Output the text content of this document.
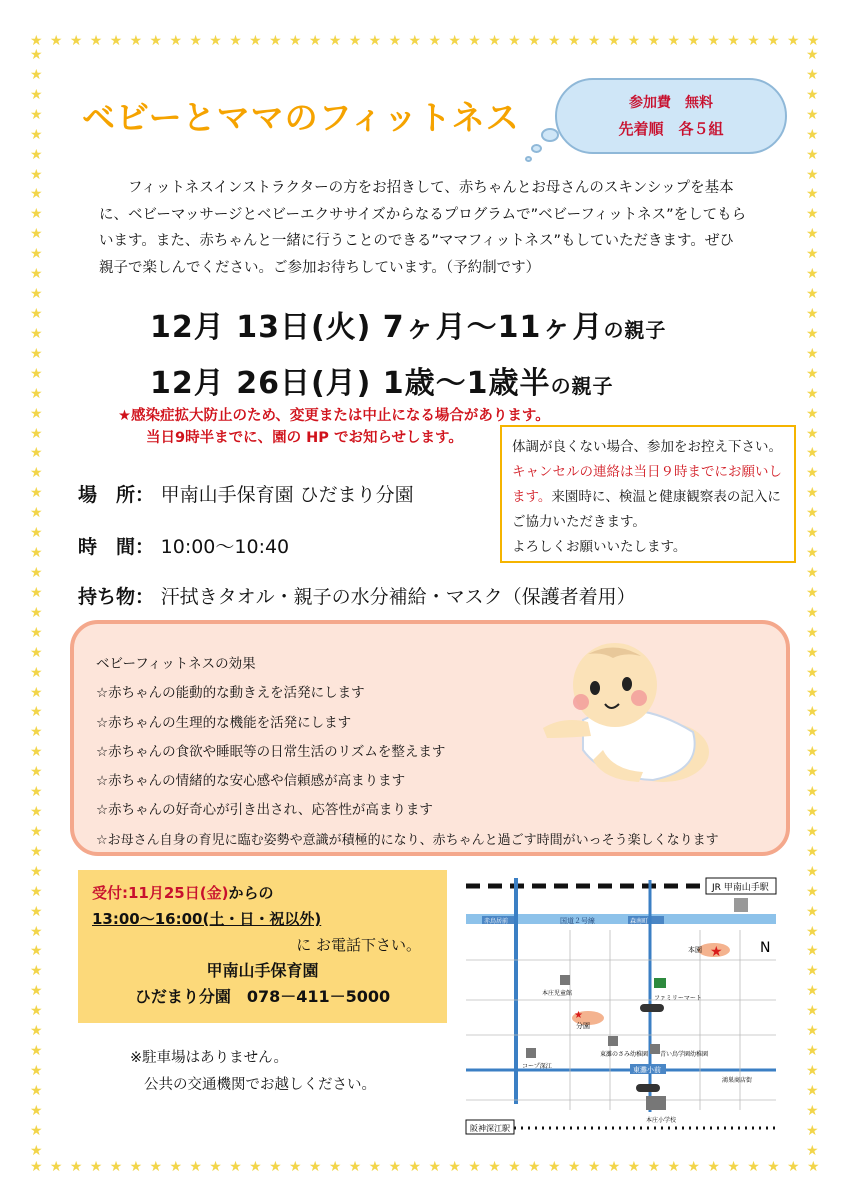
★ ★ ★ ★ ★ ★ ★ ★ ★ ★ ★ ★ ★ ★ ★ ★ ★ ★ ★ ★ ★ ★ ★ ★ ★ ★ ★ ★ ★ ★ ★ ★ ★ ★ ★ ★ ★ ★ ★ ★
★ ★ ★ ★ ★ ★ ★ ★ ★ ★ ★ ★ ★ ★ ★ ★ ★ ★ ★ ★ ★ ★ ★ ★ ★ ★ ★ ★ ★ ★ ★ ★ ★ ★ ★ ★ ★ ★ ★ ★
★
★
★
★
★
★
★
★
★
★
★
★
★
★
★
★
★
★
★
★
★
★
★
★
★
★
★
★
★
★
★
★
★
★
★
★
★
★
★
★
★
★
★
★
★
★
★
★
★
★
★
★
★
★
★
★
★
★
★
★
★
★
★
★
★
★
★
★
★
★
★
★
★
★
★
★
★
★
★
★
★
★
★
★
★
★
★
★
★
★
★
★
★
★
★
★
★
★
★
★
★
★
★
★
★
★
★
★
★
★
★
★
ベビーとママのフィットネス	参加費　無料
先着順　各５組

フィットネスインストラクターの方をお招きして、赤ちゃんとお母さんのスキンシップを基本に、ベビーマッサージとベビーエクササイズからなるプログラムで”ベビーフィットネス”をしてもらいます。また、赤ちゃんと一緒に行うことのできる”ママフィットネス”もしていただきます。ぜひ親子で楽しんでください。ご参加お待ちしています。（予約制です）

12月 13日(火) 7ヶ月～11ヶ月の親子
12月 26日(月) 1歳～1歳半の親子
★感染症拡大防止のため、変更または中止になる場合があります。
当日9時半までに、園の HP でお知らせします。
体調が良くない場合、参加をお控え下さい。キャンセルの連絡は当日９時までにお願いします。来園時に、検温と健康観察表の記入にご協力いただきます。
よろしくお願いいたします。
場　所： 甲南山手保育園 ひだまり分園
時　間： 10:00～10:40
持ち物： 汗拭きタオル・親子の水分補給・マスク（保護者着用）
ベビーフィットネスの効果
☆赤ちゃんの能動的な動きえを活発にします
☆赤ちゃんの生理的な機能を活発にします
☆赤ちゃんの食欲や睡眠等の日常生活のリズムを整えます
☆赤ちゃんの情緒的な安心感や信頼感が高まります
☆赤ちゃんの好奇心が引き出され、応答性が高まります
☆お母さん自身の育児に臨む姿勢や意識が積極的になり、赤ちゃんと過ごす時間がいっそう楽しくなります
受付:11月25日(金)からの
13:00～16:00(土・日・祝以外)
に お電話下さい。
甲南山手保育園
ひだまり分園　078－411－5000
※駐車場はありません。
公共の交通機関でお越しください。
JR 甲南山手駅
赤鳥居前	国道２号線	森南町1
東灘小前
本園 ★
★
分園
本庄児童館
ファミリーマート
東灘のさみ幼稚園 青い鳥学園幼稚園
コープ深江
鴻巣商店街
本庄小学校
N
阪神深江駅
